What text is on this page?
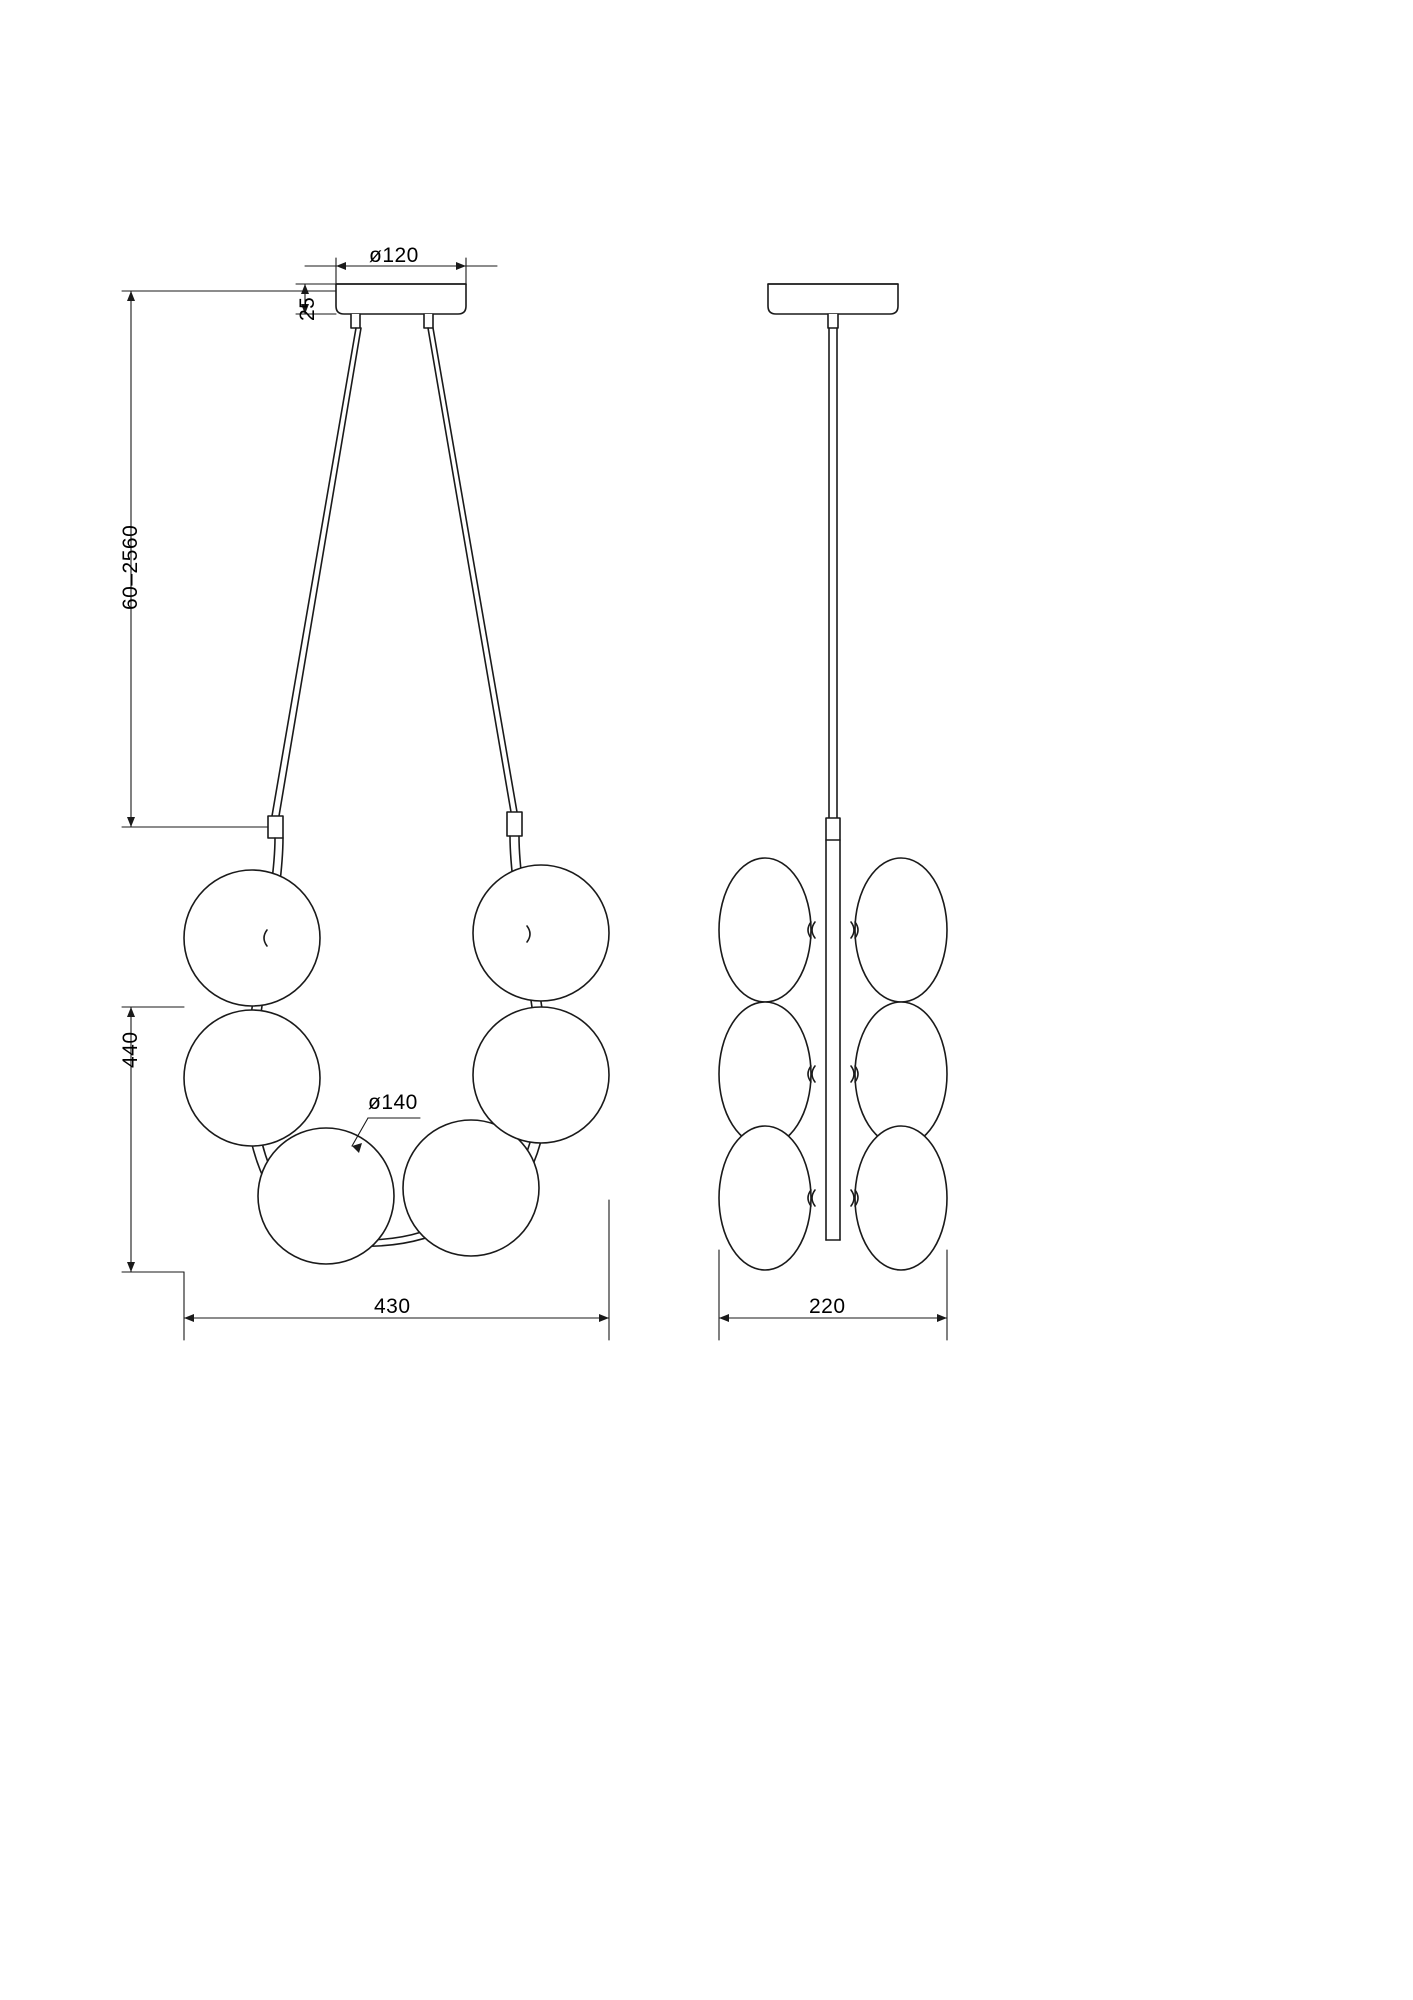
ø120
25
60–2560
440
ø140
430	220
